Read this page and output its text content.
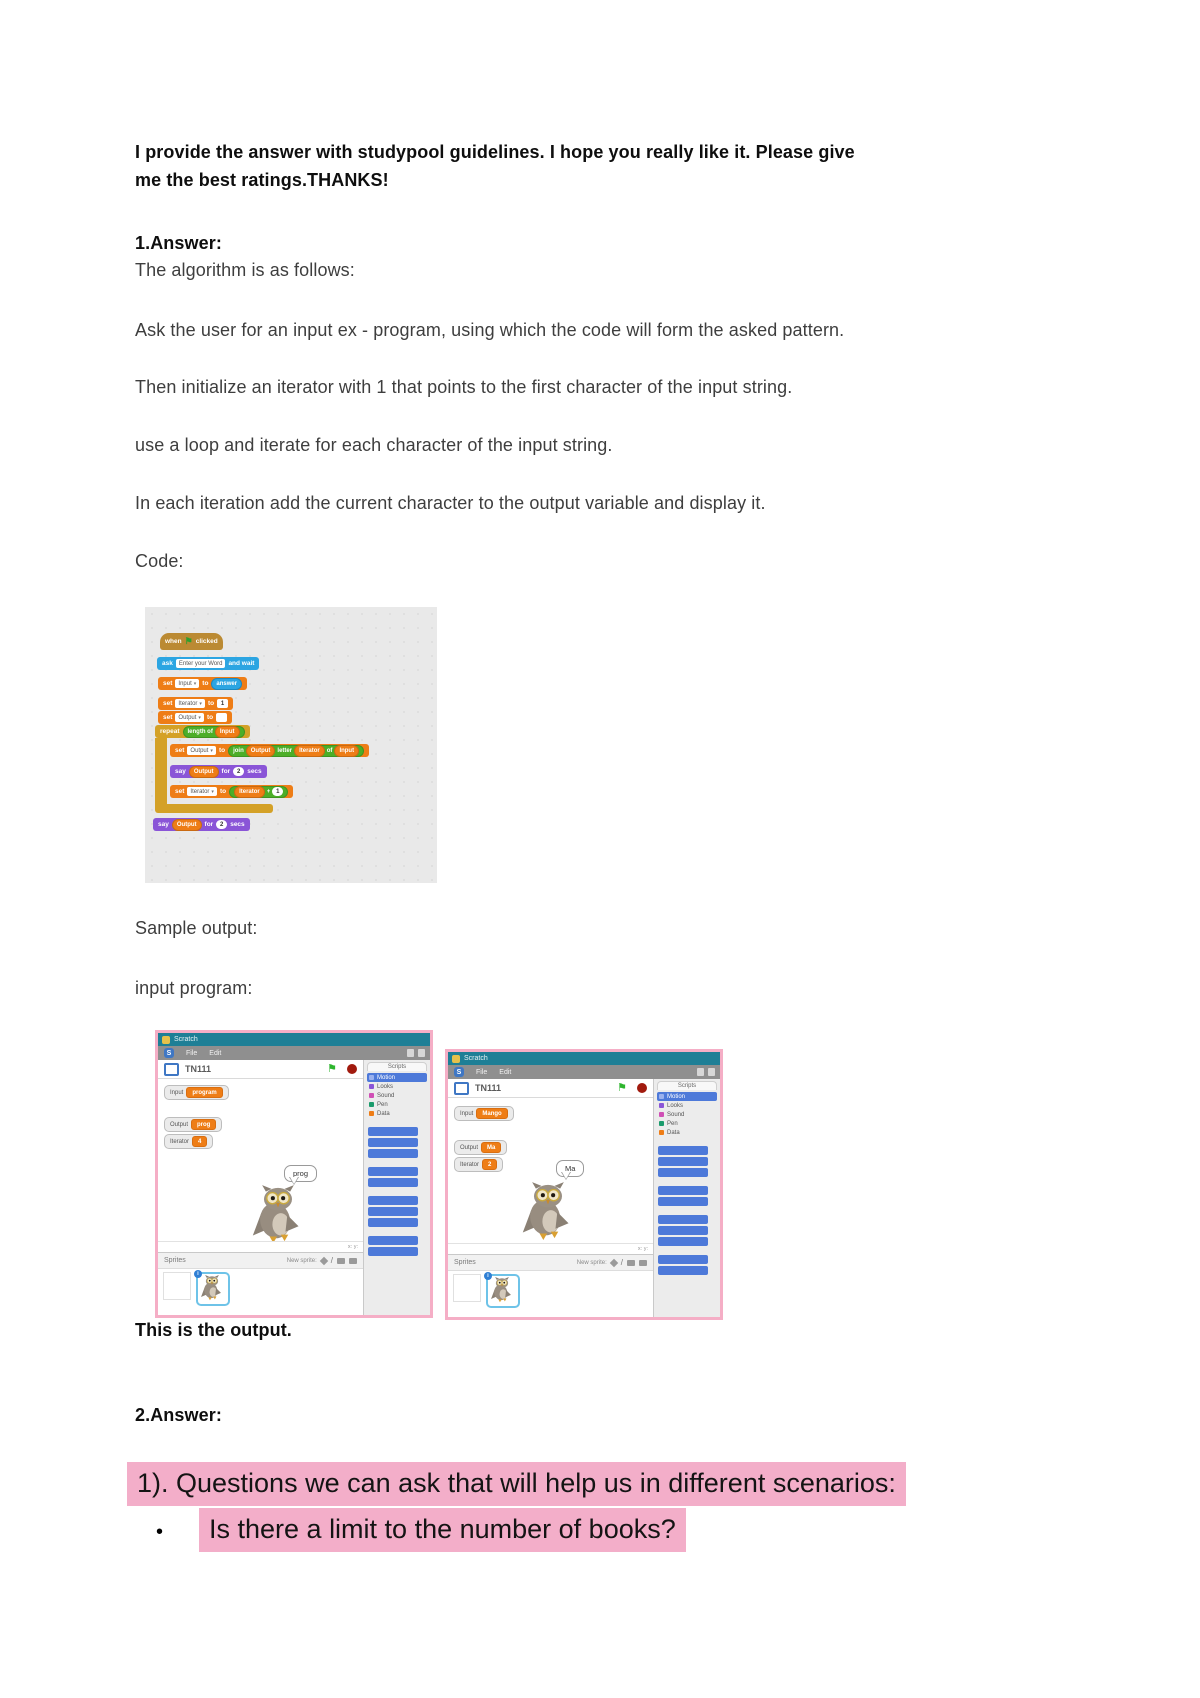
I provide the answer with studypool guidelines. I hope you really like it. Please give
me the best ratings.THANKS!
1.Answer:
The algorithm is as follows:
Ask the user for an input ex - program, using which the code will form the asked pattern.
Then initialize an iterator with 1 that points to the first character of the input string.
use a loop and iterate for each character of the input string.
In each iteration add the current character to the output variable and display it.
Code:
when ⚑ clicked
ask	Enter your Word and wait
set Input ▾ to	answer
set Iterator ▾ to	1
set Output ▾ to
repeat length of	Input
set Output ▾ to join	Output	letter	Iterator	of	Input
say	Output	for	2	secs
set Iterator ▾ to	Iterator	+ 1
say	Output	for	2	secs
Sample output:
input program:
Scratch
S	File Edit
TN111	⚑
Input	program
Output	prog
Iterator	4
prog
x: y:
Sprites	New sprite: /
i
Scripts
Motion
Looks
Sound
Pen
Data
Scratch
S	File Edit
TN111	⚑
Input	Mango
Output	Ma
Iterator	2	Ma
x: y:
Sprites	New sprite: /
i
Scripts
Motion
Looks
Sound
Pen
Data
This is the output.
2.Answer:
1). Questions we can ask that will help us in different scenarios:
•	Is there a limit to the number of books?
